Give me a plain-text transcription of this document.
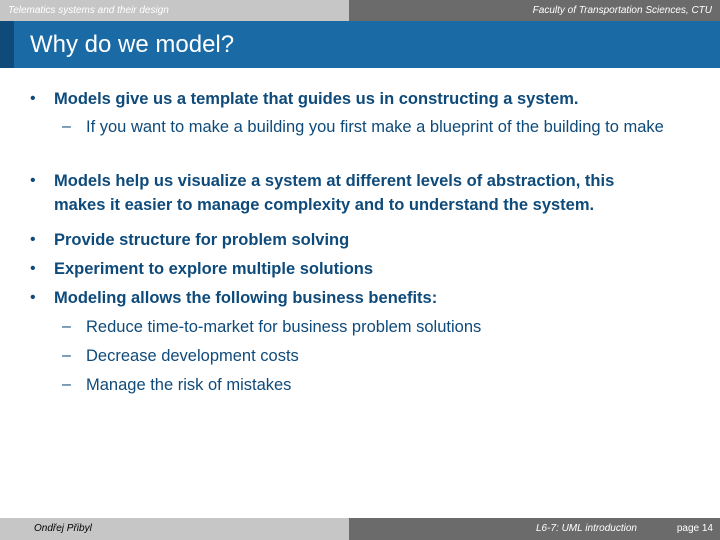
Telematics systems and their design	Faculty of Transportation Sciences, CTU
Why do we model?
•	Models give us a template that guides us in constructing a system.

– If you want to make a building you first make a blueprint of the building to make

•	Models help us visualize a system at different levels of abstraction, this makes it easier to manage complexity and to understand the system.

•	Provide structure for problem solving

•	Experiment to explore multiple solutions

•	Modeling allows the following business benefits:

– Reduce time-to-market for business problem solutions

– Decrease development costs

– Manage the risk of mistakes

Ondřej Přibyl	L6-7: UML introduction	page 14
